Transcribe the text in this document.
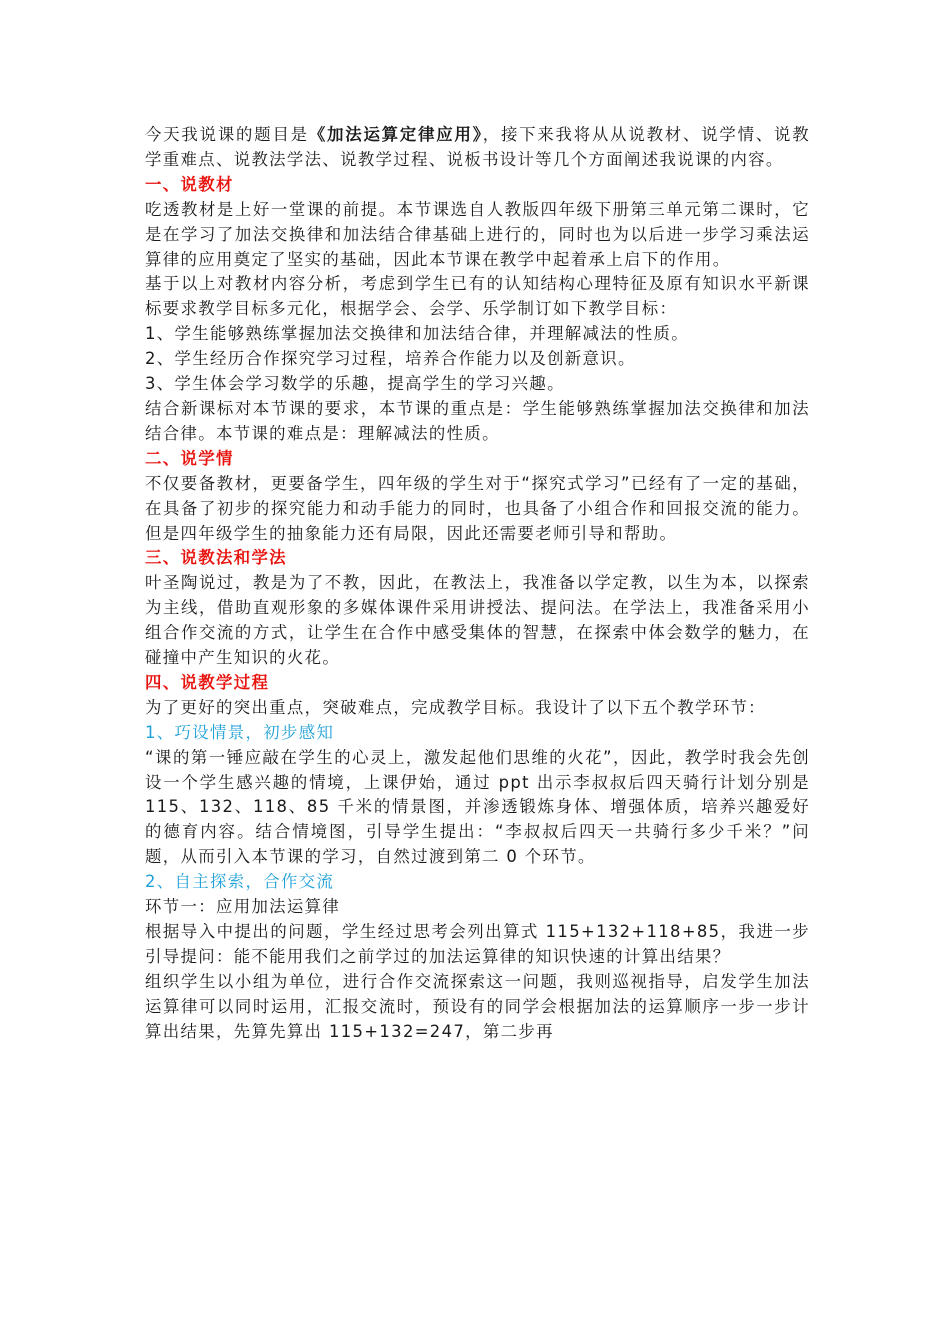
今天我说课的题目是《加法运算定律应用》，接下来我将从从说教材、说学情、说教学重难点、说教法学法、说教学过程、说板书设计等几个方面阐述我说课的内容。

一、说教材

吃透教材是上好一堂课的前提。本节课选自人教版四年级下册第三单元第二课时，它是在学习了加法交换律和加法结合律基础上进行的，同时也为以后进一步学习乘法运算律的应用奠定了坚实的基础，因此本节课在教学中起着承上启下的作用。

基于以上对教材内容分析，考虑到学生已有的认知结构心理特征及原有知识水平新课标要求教学目标多元化，根据学会、会学、乐学制订如下教学目标：

1、学生能够熟练掌握加法交换律和加法结合律，并理解减法的性质。

2、学生经历合作探究学习过程，培养合作能力以及创新意识。

3、学生体会学习数学的乐趣，提高学生的学习兴趣。

结合新课标对本节课的要求，本节课的重点是：学生能够熟练掌握加法交换律和加法结合律。本节课的难点是：理解减法的性质。

二、说学情

不仅要备教材，更要备学生，四年级的学生对于“探究式学习”已经有了一定的基础，在具备了初步的探究能力和动手能力的同时，也具备了小组合作和回报交流的能力。但是四年级学生的抽象能力还有局限，因此还需要老师引导和帮助。

三、说教法和学法

叶圣陶说过，教是为了不教，因此，在教法上，我准备以学定教，以生为本，以探索为主线，借助直观形象的多媒体课件采用讲授法、提问法。在学法上，我准备采用小组合作交流的方式，让学生在合作中感受集体的智慧，在探索中体会数学的魅力，在碰撞中产生知识的火花。

四、说教学过程

为了更好的突出重点，突破难点，完成教学目标。我设计了以下五个教学环节：

1、巧设情景，初步感知

“课的第一锤应敲在学生的心灵上，激发起他们思维的火花”，因此，教学时我会先创设一个学生感兴趣的情境，上课伊始，通过 ppt 出示李叔叔后四天骑行计划分别是 115、132、118、85 千米的情景图，并渗透锻炼身体、增强体质，培养兴趣爱好的德育内容。结合情境图，引导学生提出：“李叔叔后四天一共骑行多少千米？”问题，从而引入本节课的学习，自然过渡到第二 0 个环节。

2、自主探索，合作交流

环节一：应用加法运算律

根据导入中提出的问题，学生经过思考会列出算式 115+132+118+85，我进一步引导提问：能不能用我们之前学过的加法运算律的知识快速的计算出结果？

组织学生以小组为单位，进行合作交流探索这一问题，我则巡视指导，启发学生加法运算律可以同时运用，汇报交流时，预设有的同学会根据加法的运算顺序一步一步计算出结果，先算先算出 115+132=247，第二步再
